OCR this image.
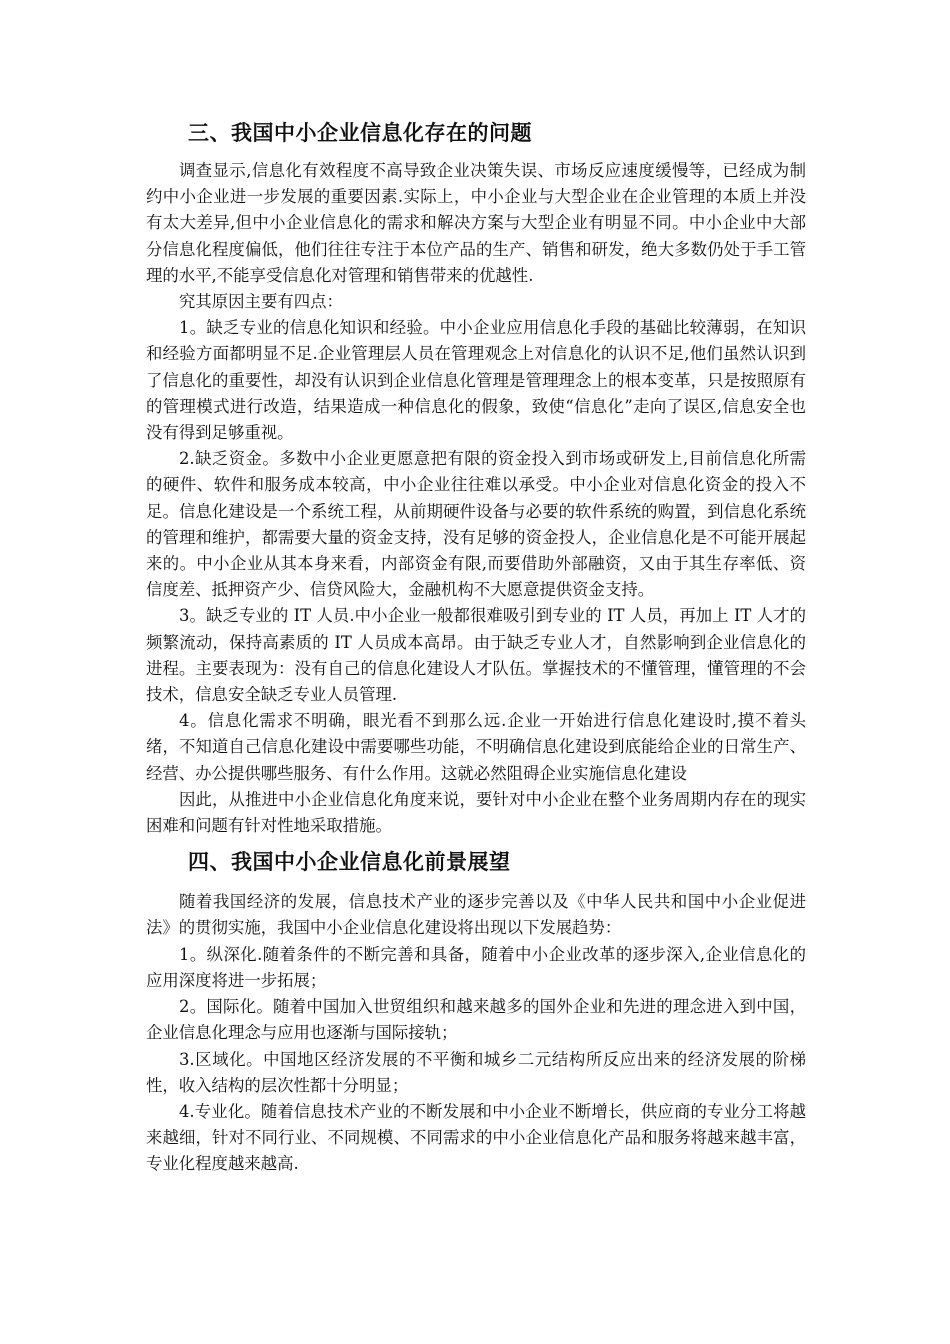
三、我国中小企业信息化存在的问题

调查显示,信息化有效程度不高导致企业决策失误、市场反应速度缓慢等，已经成为制约中小企业进一步发展的重要因素.实际上，中小企业与大型企业在企业管理的本质上并没有太大差异,但中小企业信息化的需求和解决方案与大型企业有明显不同。中小企业中大部分信息化程度偏低，他们往往专注于本位产品的生产、销售和研发，绝大多数仍处于手工管理的水平,不能享受信息化对管理和销售带来的优越性.

究其原因主要有四点：

1。缺乏专业的信息化知识和经验。中小企业应用信息化手段的基础比较薄弱，在知识和经验方面都明显不足.企业管理层人员在管理观念上对信息化的认识不足,他们虽然认识到了信息化的重要性，却没有认识到企业信息化管理是管理理念上的根本变革，只是按照原有的管理模式进行改造，结果造成一种信息化的假象，致使“信息化”走向了误区,信息安全也没有得到足够重视。

2.缺乏资金。多数中小企业更愿意把有限的资金投入到市场或研发上,目前信息化所需的硬件、软件和服务成本较高，中小企业往往难以承受。中小企业对信息化资金的投入不足。信息化建设是一个系统工程，从前期硬件设备与必要的软件系统的购置，到信息化系统的管理和维护，都需要大量的资金支持，没有足够的资金投人，企业信息化是不可能开展起来的。中小企业从其本身来看，内部资金有限,而要借助外部融资，又由于其生存率低、资信度差、抵押资产少、信贷风险大，金融机构不大愿意提供资金支持。

3。缺乏专业的 IT 人员.中小企业一般都很难吸引到专业的 IT 人员，再加上 IT 人才的频繁流动，保持高素质的 IT 人员成本高昂。由于缺乏专业人才，自然影响到企业信息化的进程。主要表现为：没有自己的信息化建设人才队伍。掌握技术的不懂管理，懂管理的不会技术，信息安全缺乏专业人员管理.

4。信息化需求不明确，眼光看不到那么远.企业一开始进行信息化建设时,摸不着头绪，不知道自己信息化建设中需要哪些功能，不明确信息化建设到底能给企业的日常生产、经营、办公提供哪些服务、有什么作用。这就必然阻碍企业实施信息化建设

因此，从推进中小企业信息化角度来说，要针对中小企业在整个业务周期内存在的现实困难和问题有针对性地采取措施。

四、我国中小企业信息化前景展望

随着我国经济的发展，信息技术产业的逐步完善以及《中华人民共和国中小企业促进法》的贯彻实施，我国中小企业信息化建设将出现以下发展趋势：

1。纵深化.随着条件的不断完善和具备，随着中小企业改革的逐步深入,企业信息化的应用深度将进一步拓展；

2。国际化。随着中国加入世贸组织和越来越多的国外企业和先进的理念进入到中国，企业信息化理念与应用也逐渐与国际接轨；

3.区域化。中国地区经济发展的不平衡和城乡二元结构所反应出来的经济发展的阶梯性，收入结构的层次性都十分明显；

4.专业化。随着信息技术产业的不断发展和中小企业不断增长，供应商的专业分工将越来越细，针对不同行业、不同规模、不同需求的中小企业信息化产品和服务将越来越丰富，专业化程度越来越高.
